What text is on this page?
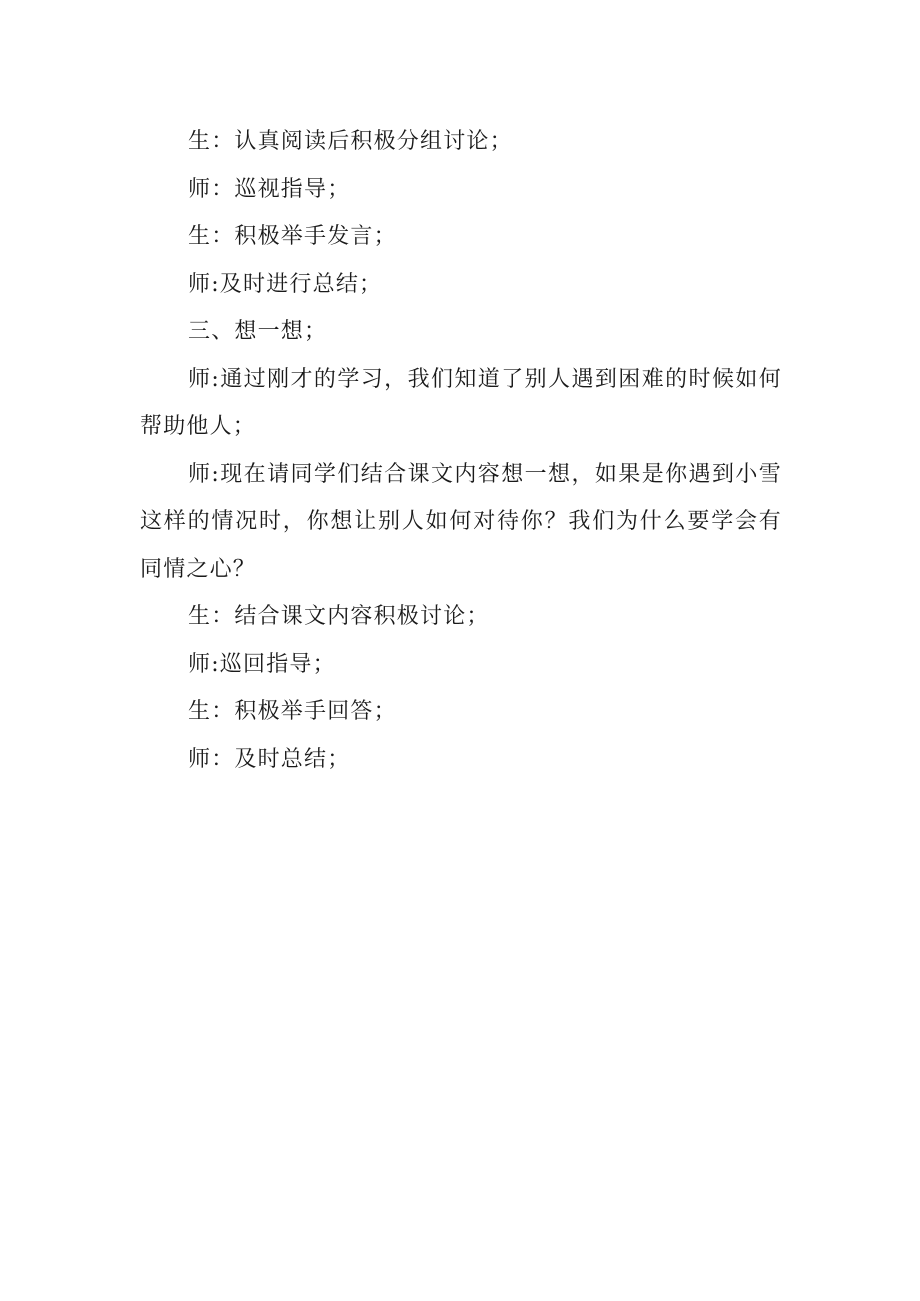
生：认真阅读后积极分组讨论；

师：巡视指导；

生：积极举手发言；

师:及时进行总结；

三、想一想；

师:通过刚才的学习，我们知道了别人遇到困难的时候如何帮助他人；

师:现在请同学们结合课文内容想一想，如果是你遇到小雪这样的情况时，你想让别人如何对待你？我们为什么要学会有同情之心？

生：结合课文内容积极讨论；

师:巡回指导；

生：积极举手回答；

师：及时总结；
